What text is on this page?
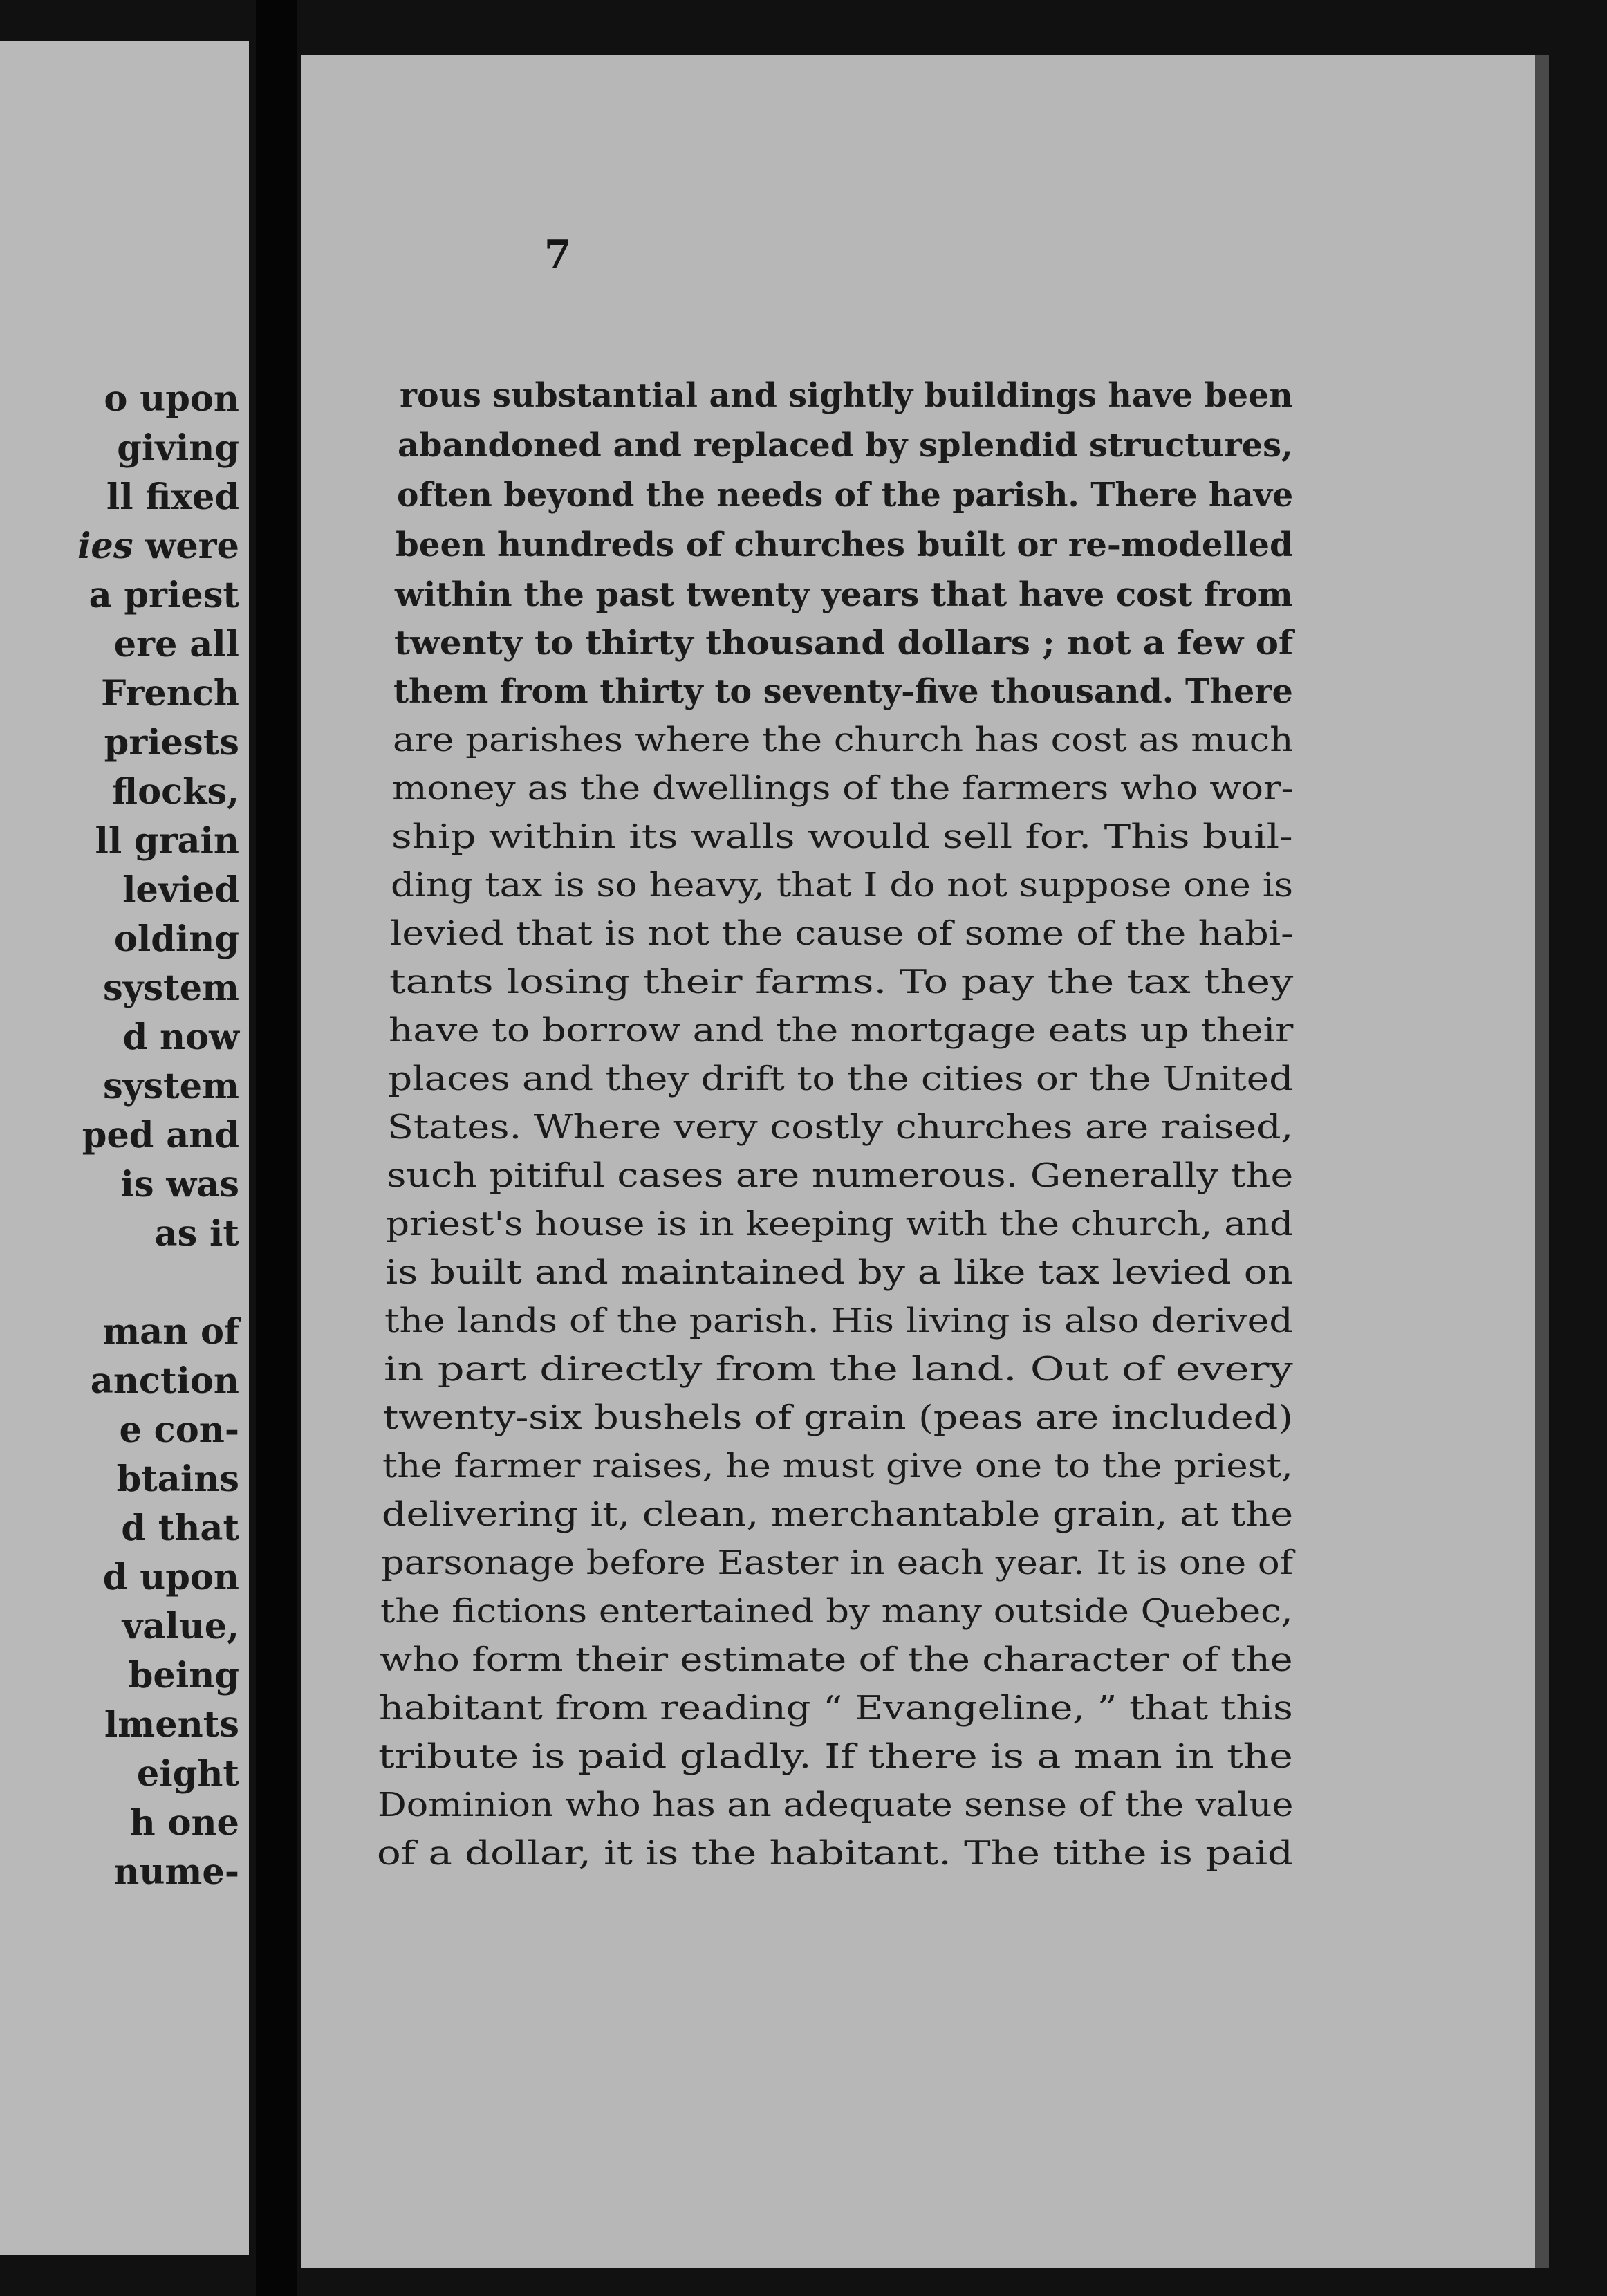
o upon

giving

ll fixed

ies were

a priest

ere all

French

priests

flocks,

ll grain

levied

olding

system

d now

system

ped and

is was

as it

man of

anction

e con-

btains

d that

d upon

value,

being

lments

eight

h one

nume-

7

rous substantial and sightly buildings have been

abandoned and replaced by splendid structures,

often beyond the needs of the parish. There have

been hundreds of churches built or re-modelled

within the past twenty years that have cost from

twenty to thirty thousand dollars ; not a few of

them from thirty to seventy-five thousand. There

are parishes where the church has cost as much

money as the dwellings of the farmers who wor-

ship within its walls would sell for. This buil-

ding tax is so heavy, that I do not suppose one is

levied that is not the cause of some of the habi-

tants losing their farms. To pay the tax they

have to borrow and the mortgage eats up their

places and they drift to the cities or the United

States. Where very costly churches are raised,

such pitiful cases are numerous. Generally the

priest's house is in keeping with the church, and

is built and maintained by a like tax levied on

the lands of the parish. His living is also derived

in part directly from the land. Out of every

twenty-six bushels of grain (peas are included)

the farmer raises, he must give one to the priest,

delivering it, clean, merchantable grain, at the

parsonage before Easter in each year. It is one of

the fictions entertained by many outside Quebec,

who form their estimate of the character of the

habitant from reading “ Evangeline, ” that this

tribute is paid gladly. If there is a man in the

Dominion who has an adequate sense of the value

of a dollar, it is the habitant. The tithe is paid
